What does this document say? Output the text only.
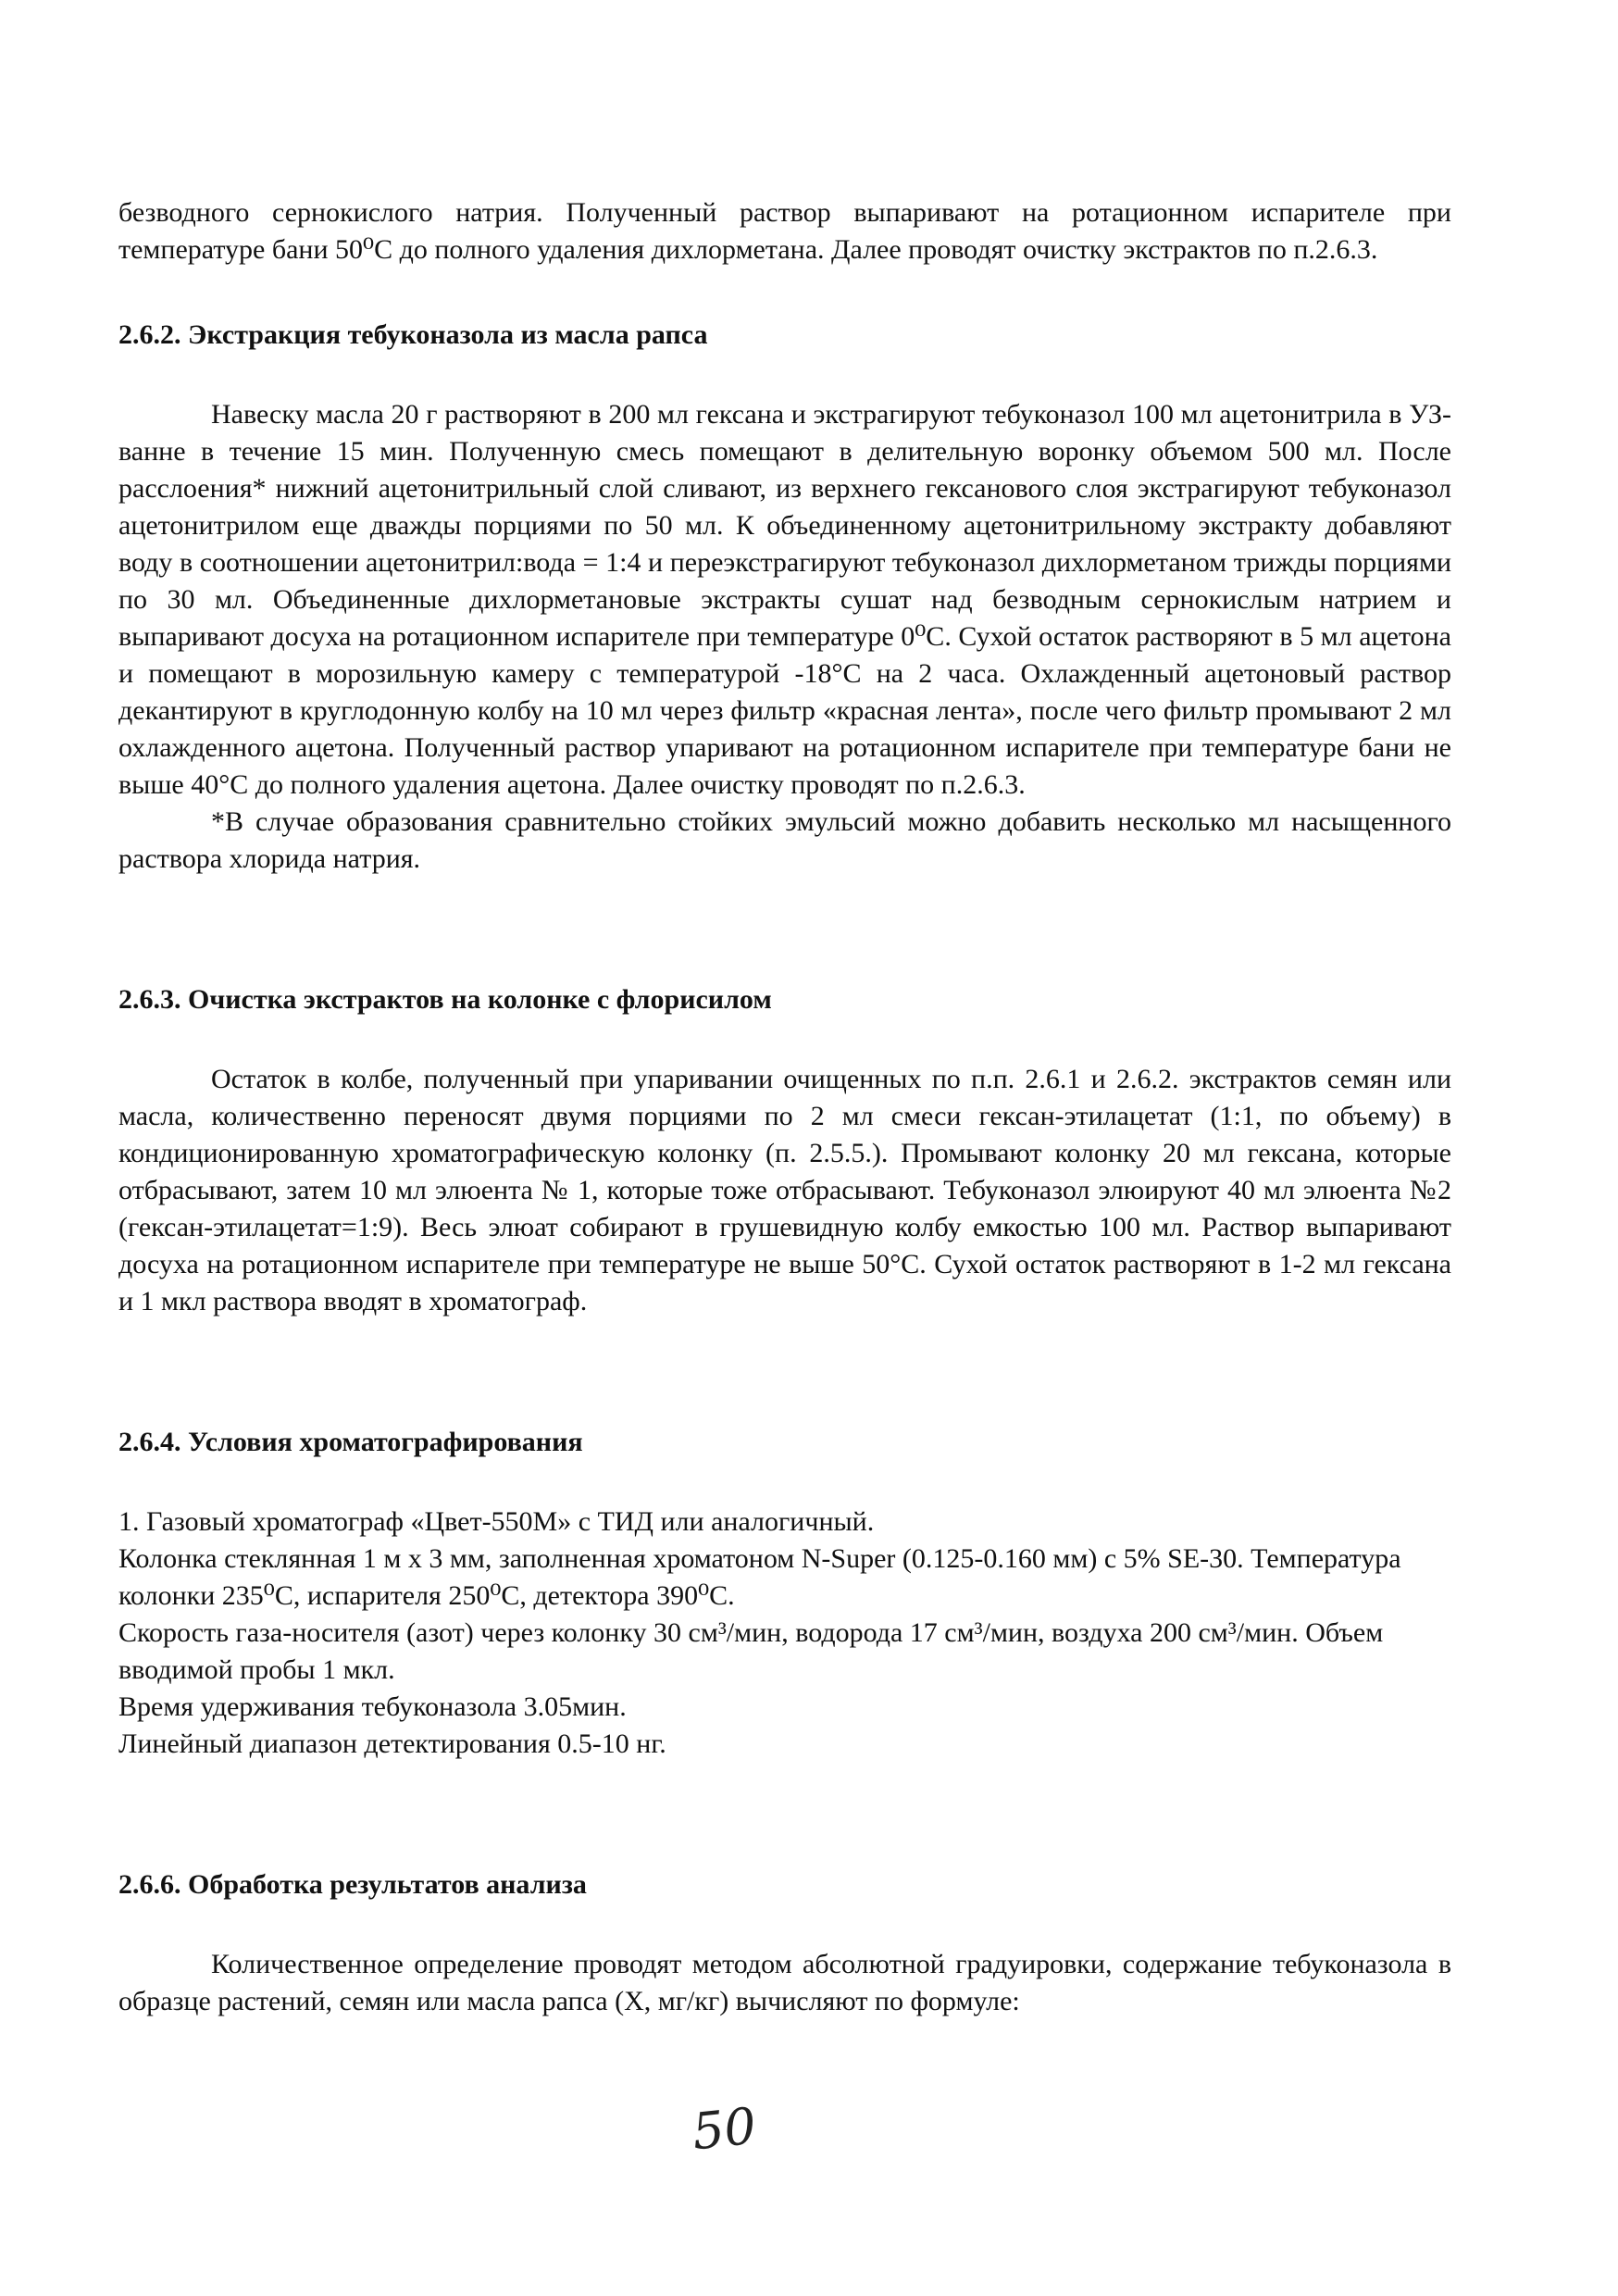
безводного сернокислого натрия. Полученный раствор выпаривают на ротационном испарителе при температуре бани 50⁰C до полного удаления дихлорметана. Далее проводят очистку экстрактов по п.2.6.3.

2.6.2. Экстракция тебуконазола из масла рапса

Навеску масла 20 г растворяют в 200 мл гексана и экстрагируют тебуконазол 100 мл ацетонитрила в УЗ-ванне в течение 15 мин. Полученную смесь помещают в делительную воронку объемом 500 мл. После расслоения* нижний ацетонитрильный слой сливают, из верхнего гексанового слоя экстрагируют тебуконазол ацетонитрилом еще дважды порциями по 50 мл. К объединенному ацетонитрильному экстракту добавляют воду в соотношении ацетонитрил:вода = 1:4 и переэкстрагируют тебуконазол дихлорметаном трижды порциями по 30 мл. Объединенные дихлорметановые экстракты сушат над безводным сернокислым натрием и выпаривают досуха на ротационном испарителе при температуре 0⁰С. Сухой остаток растворяют в 5 мл ацетона и помещают в морозильную камеру с температурой -18°С на 2 часа. Охлажденный ацетоновый раствор декантируют в круглодонную колбу на 10 мл через фильтр «красная лента», после чего фильтр промывают 2 мл охлажденного ацетона. Полученный раствор упаривают на ротационном испарителе при температуре бани не выше 40°С до полного удаления ацетона. Далее очистку проводят по п.2.6.3.

*В случае образования сравнительно стойких эмульсий можно добавить несколько мл насыщенного раствора хлорида натрия.

2.6.3. Очистка экстрактов на колонке с флорисилом

Остаток в колбе, полученный при упаривании очищенных по п.п. 2.6.1 и 2.6.2. экстрактов семян или масла, количественно переносят двумя порциями по 2 мл смеси гексан-этилацетат (1:1, по объему) в кондиционированную хроматографическую колонку (п. 2.5.5.). Промывают колонку 20 мл гексана, которые отбрасывают, затем 10 мл элюента № 1, которые тоже отбрасывают. Тебуконазол элюируют 40 мл элюента №2 (гексан-этилацетат=1:9). Весь элюат собирают в грушевидную колбу емкостью 100 мл. Раствор выпаривают досуха на ротационном испарителе при температуре не выше 50°С. Сухой остаток растворяют в 1-2 мл гексана и 1 мкл раствора вводят в хроматограф.

2.6.4. Условия хроматографирования

1. Газовый хроматограф «Цвет-550М» с ТИД или аналогичный.

Колонка стеклянная 1 м х 3 мм, заполненная хроматоном N-Super (0.125-0.160 мм) с 5% SE-30. Температура колонки 235⁰С, испарителя 250⁰С, детектора 390⁰С.

Скорость газа-носителя (азот) через колонку 30 см³/мин, водорода 17 см³/мин, воздуха 200 см³/мин. Объем вводимой пробы 1 мкл.

Время удерживания тебуконазола 3.05мин.

Линейный диапазон детектирования 0.5-10 нг.

2.6.6. Обработка результатов анализа

Количественное определение проводят методом абсолютной градуировки, содержание тебуконазола в образце растений, семян или масла рапса (Х, мг/кг) вычисляют по формуле:

50
